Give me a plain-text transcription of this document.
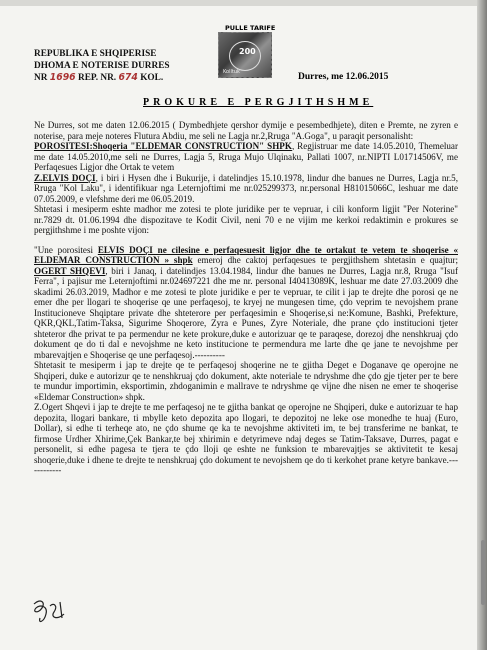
REPUBLIKA E SHQIPERISE
DHOMA E NOTERISE DURRES
NR 1696 REP. NR. 674 KOL.
PULLE TARIFE
200
Kolltuk	Durres, me 12.06.2015
PROKURE E PERGJITHSHME

Ne Durres, sot me daten 12.06.2015 ( Dymbedhjete qershor dymije e pesembedhjete), diten e Premte, ne zyren e noterise, para meje noteres Flutura Abdiu, me seli ne Lagja nr.2,Rruga "A.Goga", u paraqit personalisht:

POROSITESI:Shoqeria "ELDEMAR CONSTRUCTION" SHPK, Regjistruar me date 14.05.2010, Themeluar me date 14.05.2010,me seli ne Durres, Lagja 5, Rruga Mujo Ulqinaku, Pallati 1007, nr.NIPTI L01714506V, me Perfaqesues Ligjor dhe Ortak te vetem

Z.ELVIS DOÇI, i biri i Hysen dhe i Bukurije, i datelindjes 15.10.1978, lindur dhe banues ne Durres, Lagja nr.5, Rruga "Kol Laku", i identifikuar nga Leternjoftimi me nr.025299373, nr.personal H81015066C, leshuar me date 07.05.2009, e vlefshme deri me 06.05.2019.

Shtetasi i mesiperm eshte madhor me zotesi te plote juridike per te vepruar, i cili konform ligjit "Per Noterine" nr.7829 dt. 01.06.1994 dhe dispozitave te Kodit Civil, neni 70 e ne vijim me kerkoi redaktimin e prokures se pergjithshme i me poshte vijon:

"Une porositesi ELVIS DOÇI ne cilesine e perfaqesuesit ligjor dhe te ortakut te vetem te shoqerise « ELDEMAR CONSTRUCTION » shpk emeroj dhe caktoj perfaqesues te pergjithshem shtetasin e quajtur; OGERT SHQEVI, biri i Janaq, i datelindjes 13.04.1984, lindur dhe banues ne Durres, Lagja nr.8, Rruga "Isuf Ferra", i pajisur me Leternjoftimi nr.024697221 dhe me nr. personal I40413089K, leshuar me date 27.03.2009 dhe skadimi 26.03.2019, Madhor e me zotesi te plote juridike e per te vepruar, te cilit i jap te drejte dhe porosi qe ne emer dhe per llogari te shoqerise qe une perfaqesoj, te kryej ne mungesen time, çdo veprim te nevojshem prane Institucioneve Shqiptare private dhe shteterore per perfaqesimin e Shoqerise,si ne:Komune, Bashki, Prefekture, QKR,QKL,Tatim-Taksa, Sigurime Shoqerore, Zyra e Punes, Zyre Noteriale, dhe prane çdo institucioni tjeter shteteror dhe privat te pa permendur ne kete prokure,duke e autorizuar qe te paraqese, dorezoj dhe nenshkruaj çdo dokument qe do ti dal e nevojshme ne keto institucione te permendura me larte dhe qe jane te nevojshme per mbarevajtjen e Shoqerise qe une perfaqesoj.----------

Shtetasit te mesiperm i jap te drejte qe te perfaqesoj shoqerine ne te gjitha Deget e Doganave qe operojne ne Shqiperi, duke e autorizur qe te nenshkruaj çdo dokument, akte noteriale te ndryshme dhe çdo gje tjeter per te bere te mundur importimin, eksportimin, zhdoganimin e mallrave te ndryshme qe vijne dhe nisen ne emer te shoqerise «Eldemar Construction» shpk.

Z.Ogert Shqevi i jap te drejte te me perfaqesoj ne te gjitha bankat qe operojne ne Shqiperi, duke e autorizuar te hap depozita, llogari bankare, ti mbylle keto depozita apo llogari, te depozitoj ne leke ose monedhe te huaj (Euro, Dollar), si edhe ti terheqe ato, ne çdo shume qe ka te nevojshme aktiviteti im, te bej transferime ne bankat, te firmose Urdher Xhirime,Çek Bankar,te bej xhirimin e detyrimeve ndaj deges se Tatim-Taksave, Durres, pagat e personelit, si edhe pagesa te tjera te çdo lloji qe eshte ne funksion te mbarevajtjes se aktivitetit te kesaj shoqerie,duke i dhene te drejte te nenshkruaj çdo dokument te nevojshem qe do ti kerkohet prane ketyre bankave.------------
